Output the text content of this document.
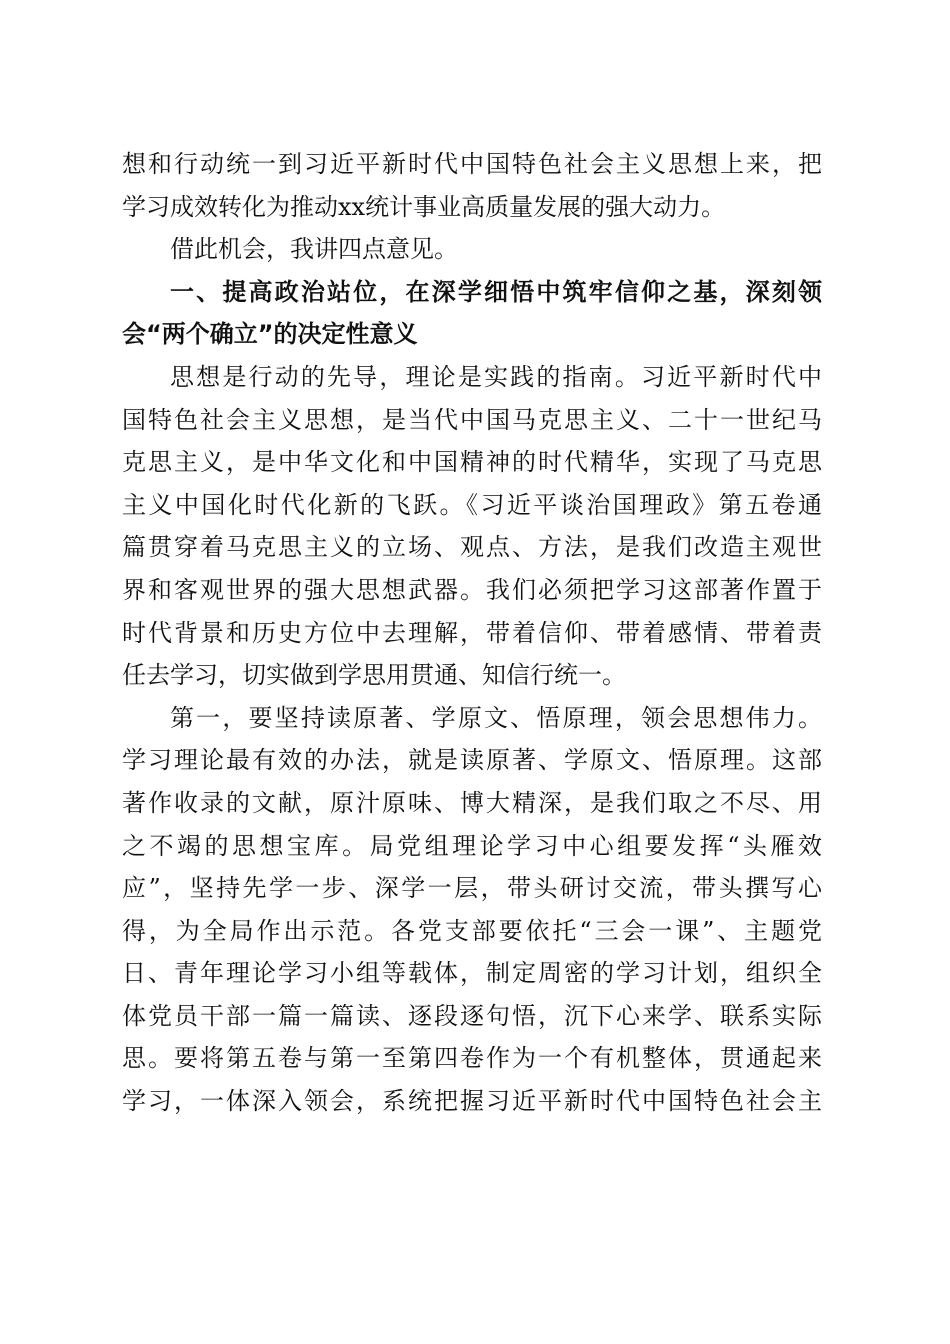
想和行动统一到习近平新时代中国特色社会主义思想上来，把
学习成效转化为推动xx统计事业高质量发展的强大动力。

借此机会，我讲四点意见。

一、提高政治站位，在深学细悟中筑牢信仰之基，深刻领
会“两个确立”的决定性意义

思想是行动的先导，理论是实践的指南。习近平新时代中
国特色社会主义思想，是当代中国马克思主义、二十一世纪马
克思主义，是中华文化和中国精神的时代精华，实现了马克思
主义中国化时代化新的飞跃。《习近平谈治国理政》第五卷通
篇贯穿着马克思主义的立场、观点、方法，是我们改造主观世
界和客观世界的强大思想武器。我们必须把学习这部著作置于
时代背景和历史方位中去理解，带着信仰、带着感情、带着责
任去学习，切实做到学思用贯通、知信行统一。

第一，要坚持读原著、学原文、悟原理，领会思想伟力。
学习理论最有效的办法，就是读原著、学原文、悟原理。这部
著作收录的文献，原汁原味、博大精深，是我们取之不尽、用
之不竭的思想宝库。局党组理论学习中心组要发挥“头雁效
应”，坚持先学一步、深学一层，带头研讨交流，带头撰写心
得，为全局作出示范。各党支部要依托“三会一课”、主题党
日、青年理论学习小组等载体，制定周密的学习计划，组织全
体党员干部一篇一篇读、逐段逐句悟，沉下心来学、联系实际
思。要将第五卷与第一至第四卷作为一个有机整体，贯通起来
学习，一体深入领会，系统把握习近平新时代中国特色社会主
